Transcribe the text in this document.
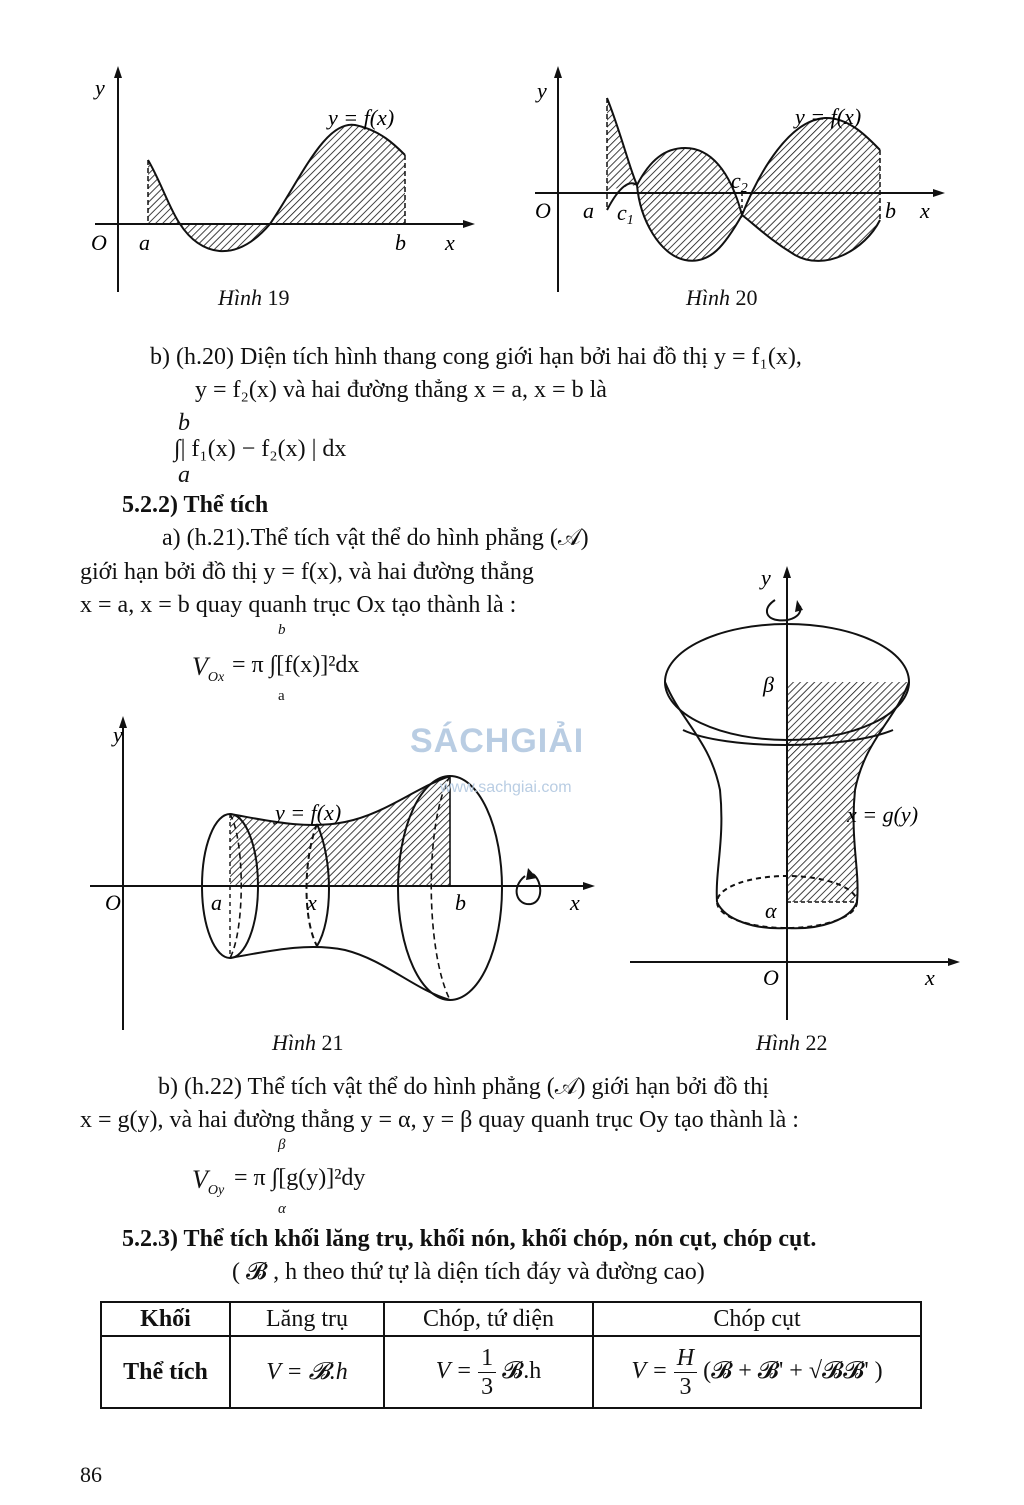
y
O a	b x
y = f(x)
Hình 19
y
O a c1
c2
b x
y = f(x)
Hình 20
b) (h.20) Diện tích hình thang cong giới hạn bởi hai đồ thị y = f₁(x),
y = f₂(x) và hai đường thẳng x = a, x = b là
b
∫| f₁(x) − f₂(x) | dx
a
5.2.2) Thể tích
a) (h.21).Thể tích vật thể do hình phẳng (𝒜)
giới hạn bởi đồ thị y = f(x), và hai đường thẳng
x = a, x = b quay quanh trục Ox tạo thành là :
b
$V_{Ox} = \pi$ ∫[f(x)]²dx
a
y
O	a	x	b	x
y = f(x)
Hình 21
y
β
α
O	x
x = g(y)
Hình 22
SÁCHGIẢI
www.sachgiai.com
b) (h.22) Thể tích vật thể do hình phẳng (𝒜) giới hạn bởi đồ thị
x = g(y), và hai đường thẳng y = α, y = β quay quanh trục Oy tạo thành là :
β
$V_{Oy} = \pi$ ∫[g(y)]²dy
α
5.2.3) Thể tích khối lăng trụ, khối nón, khối chóp, nón cụt, chóp cụt.
( 𝓑 , h theo thứ tự là diện tích đáy và đường cao)
Khối	Lăng trụ	Chóp, tứ diện	Chóp cụt
Thể tích	V = 𝓑.h	$V = \frac{1}{3}$ 𝓑.h	$V = \frac{H}{3}$ (𝓑 + 𝓑' + √𝓑𝓑' )
86
